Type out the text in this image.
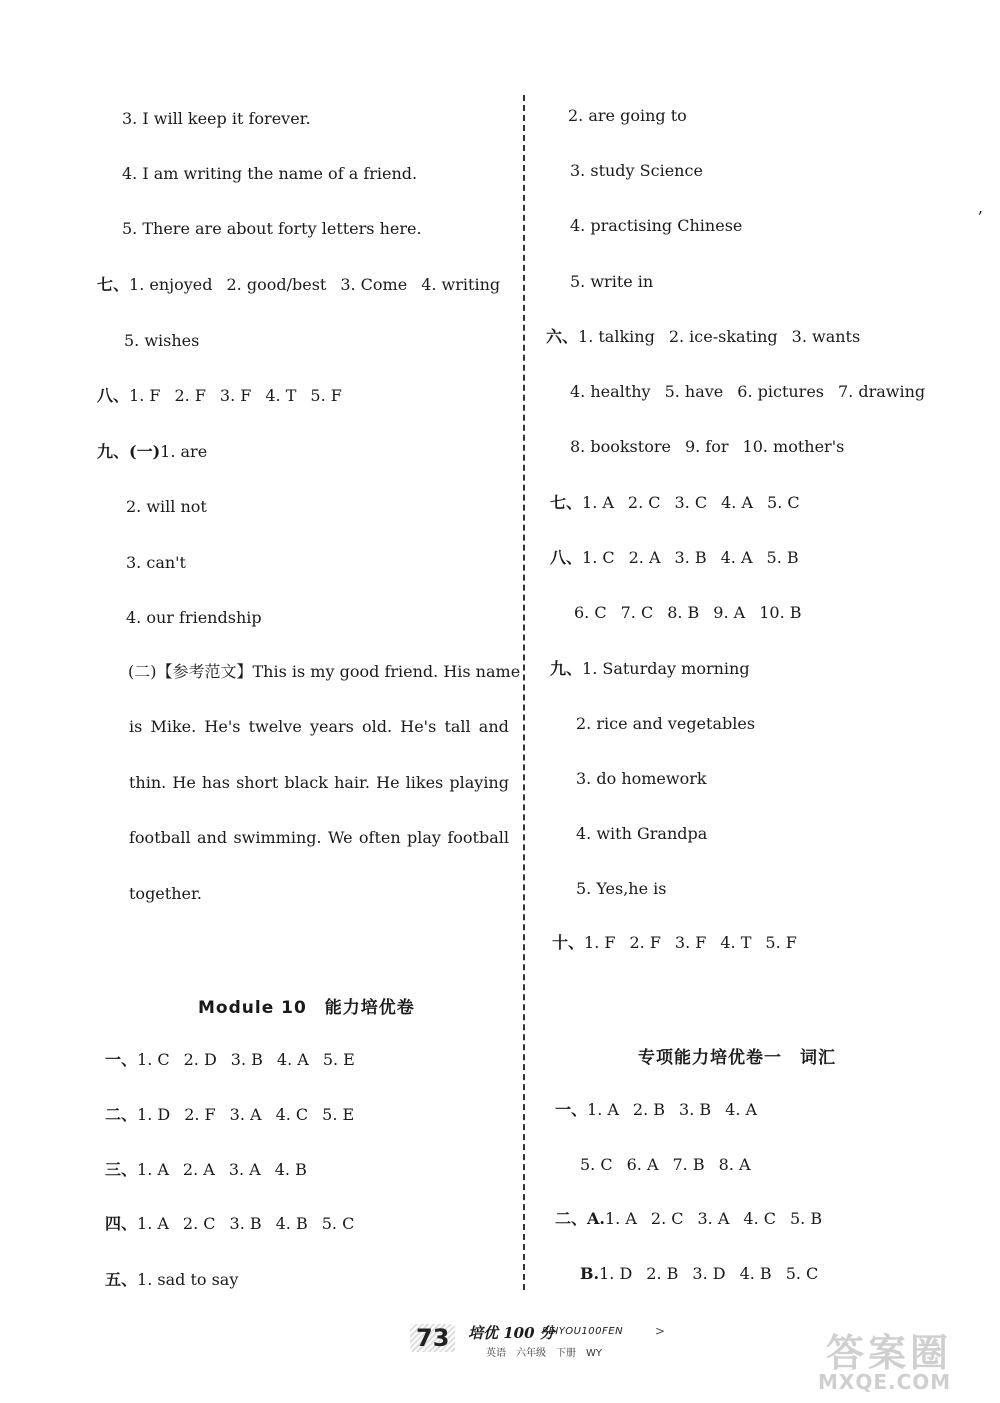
3. I will keep it forever.
4. I am writing the name of a friend.
5. There are about forty letters here.
七、1. enjoyed 2. good/best 3. Come 4. writing
5. wishes
八、1. F 2. F 3. F 4. T 5. F
九、(一)1. are
2. will not
3. can't
4. our friendship
(二)【参考范文】This is my good friend. His name
is Mike. He's twelve years old. He's tall and
thin. He has short black hair. He likes playing
football and swimming. We often play football
together.
Module 10　能力培优卷
一、1. C 2. D 3. B 4. A 5. E
二、1. D 2. F 3. A 4. C 5. E
三、1. A 2. A 3. A 4. B
四、1. A 2. C 3. B 4. B 5. C
五、1. sad to say
2. are going to
3. study Science
4. practising Chinese
5. write in
六、1. talking 2. ice-skating 3. wants
4. healthy 5. have 6. pictures 7. drawing
8. bookstore 9. for 10. mother's
七、1. A 2. C 3. C 4. A 5. C
八、1. C 2. A 3. B 4. A 5. B
6. C 7. C 8. B 9. A 10. B
九、1. Saturday morning
2. rice and vegetables
3. do homework
4. with Grandpa
5. Yes,he is
十、1. F 2. F 3. F 4. T 5. F
专项能力培优卷一　词汇
一、1. A 2. B 3. B 4. A
5. C 6. A 7. B 8. A
二、A.1. A 2. C 3. A 4. C 5. B
B.1. D 2. B 3. D 4. B 5. C
,
73	培优 100 分
PEIYOU100FEN
英语　六年级　下册　WY
>	答案圈
MXQE.COM
